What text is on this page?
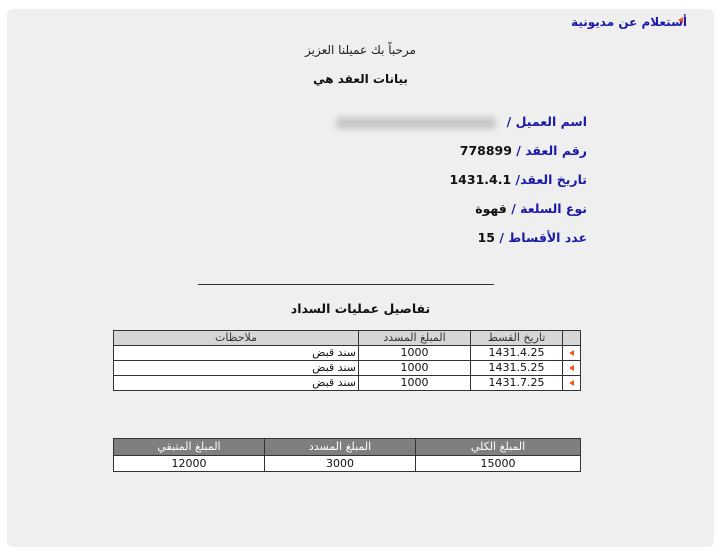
أستعلام عن مديونية
مرحباً بك عميلنا العزيز
بيانات العقد هي
اسم العميل /
رقم العقد / 778899
تاريخ العقد/ 1431.4.1
نوع السلعة / قهوة
عدد الأقساط / 15
تفاصيل عمليات السداد
	تاريخ القسط	المبلغ المسدد	ملاحظات
	1431.4.25	1000	سند قبض
	1431.5.25	1000	سند قبض
	1431.7.25	1000	سند قبض
المبلغ الكلي	المبلغ المسدد	المبلغ المتبقي
15000	3000	12000
